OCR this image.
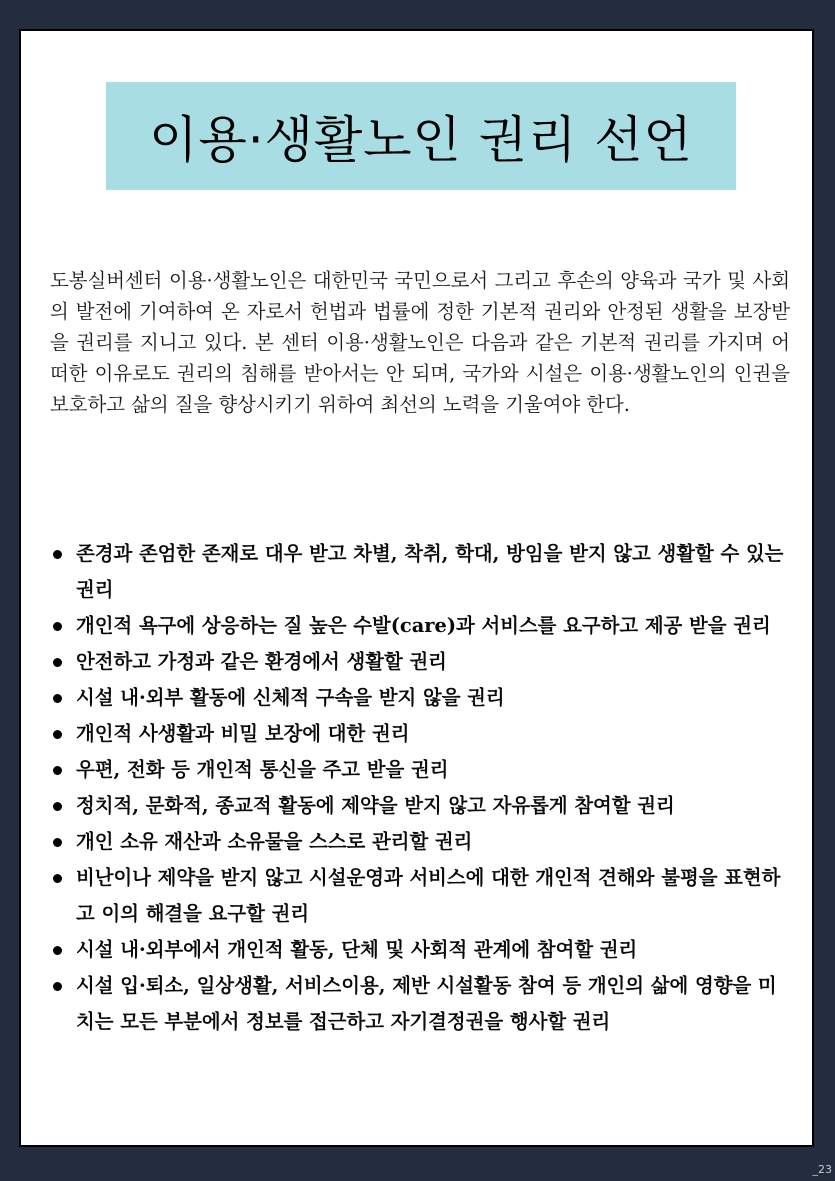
이용·생활노인 권리 선언

도봉실버센터 이용·생활노인은 대한민국 국민으로서 그리고 후손의 양육과 국가 및 사회의 발전에 기여하여 온 자로서 헌법과 법률에 정한 기본적 권리와 안정된 생활을 보장받을 권리를 지니고 있다. 본 센터 이용·생활노인은 다음과 같은 기본적 권리를 가지며 어떠한 이유로도 권리의 침해를 받아서는 안 되며, 국가와 시설은 이용·생활노인의 인권을 보호하고 삶의 질을 향상시키기 위하여 최선의 노력을 기울여야 한다.

존경과 존엄한 존재로 대우 받고 차별, 착취, 학대, 방임을 받지 않고 생활할 수 있는 권리
개인적 욕구에 상응하는 질 높은 수발(care)과 서비스를 요구하고 제공 받을 권리
안전하고 가정과 같은 환경에서 생활할 권리
시설 내·외부 활동에 신체적 구속을 받지 않을 권리
개인적 사생활과 비밀 보장에 대한 권리
우편, 전화 등 개인적 통신을 주고 받을 권리
정치적, 문화적, 종교적 활동에 제약을 받지 않고 자유롭게 참여할 권리
개인 소유 재산과 소유물을 스스로 관리할 권리
비난이나 제약을 받지 않고 시설운영과 서비스에 대한 개인적 견해와 불평을 표현하고 이의 해결을 요구할 권리
시설 내·외부에서 개인적 활동, 단체 및 사회적 관계에 참여할 권리
시설 입·퇴소, 일상생활, 서비스이용, 제반 시설활동 참여 등 개인의 삶에 영향을 미치는 모든 부분에서 정보를 접근하고 자기결정권을 행사할 권리
_23
